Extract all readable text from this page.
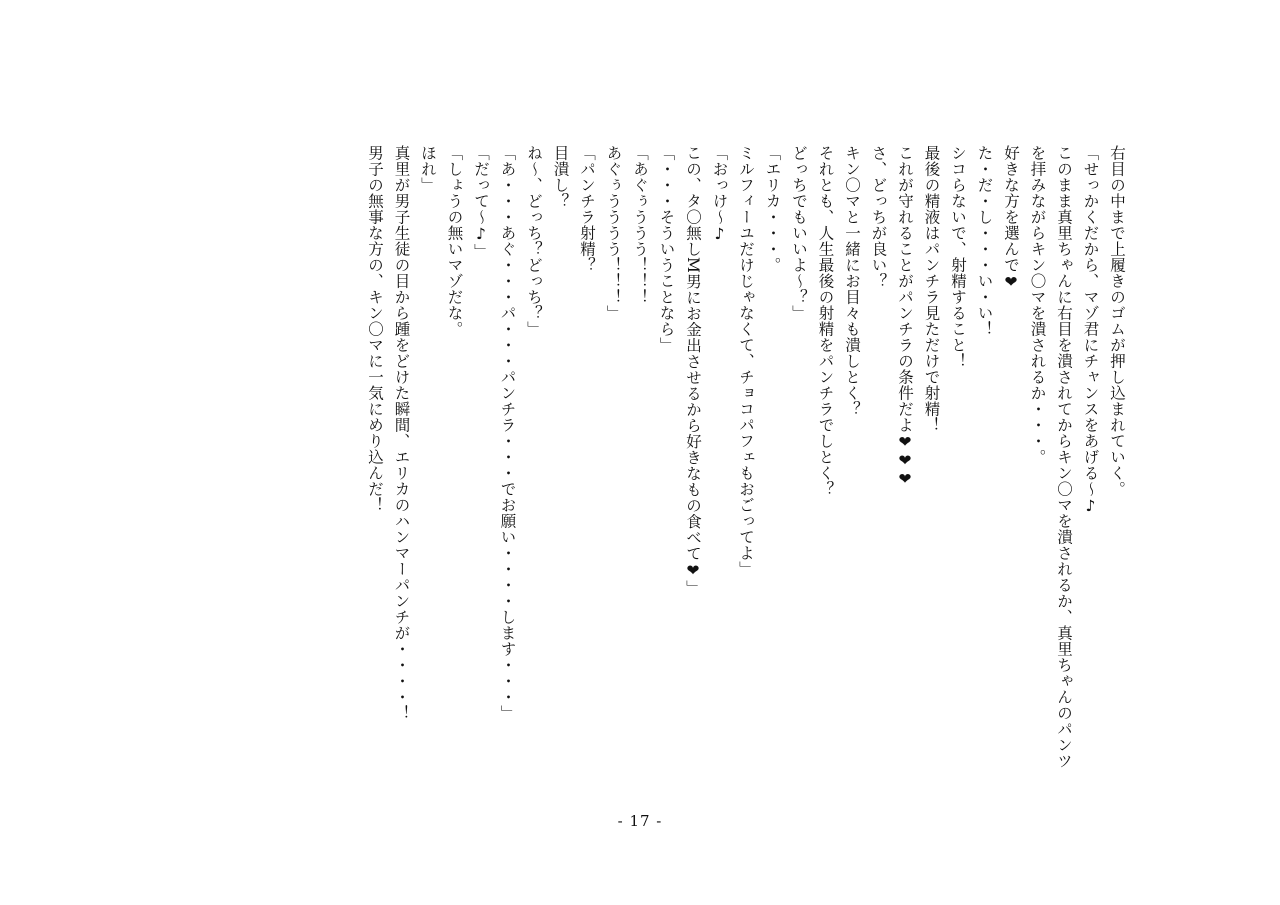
右目の中まで上履きのゴムが押し込まれていく。
「せっかくだから、マゾ君にチャンスをあげる〜♪
このまま真里ちゃんに右目を潰されてからキン〇マを潰されるか、真里ちゃんのパンツ
を拝みながらキン〇マを潰されるか・・・。
好きな方を選んで❤
た・だ・し・・・い・い！
シコらないで、射精すること！
最後の精液はパンチラ見ただけで射精！
これが守れることがパンチラの条件だよ❤❤❤
さ、どっちが良い？
キン〇マと一緒にお目々も潰しとく？
それとも、人生最後の射精をパンチラでしとく？
どっちでもいいよ〜？」
「エリカ・・・。
ミルフィーユだけじゃなくて、チョコパフェもおごってよ」
「おっけ〜♪
この、タ〇無しM男にお金出させるから好きなもの食べて❤」
「・・・そういうことなら」
「あぐぅううう！！！
あぐぅうううう！！！」
「パンチラ射精？
目潰し？
ね〜、どっち？どっち？」
「あ・・・あぐ・・・パ・・・パンチラ・・・でお願い・・・・します・・・」
「だって〜♪」
「しょうの無いマゾだな。
ほれ」
真里が男子生徒の目から踵をどけた瞬間、エリカのハンマーパンチが・・・・！
男子の無事な方の、キン〇マに一気にめり込んだ！
- 17 -
